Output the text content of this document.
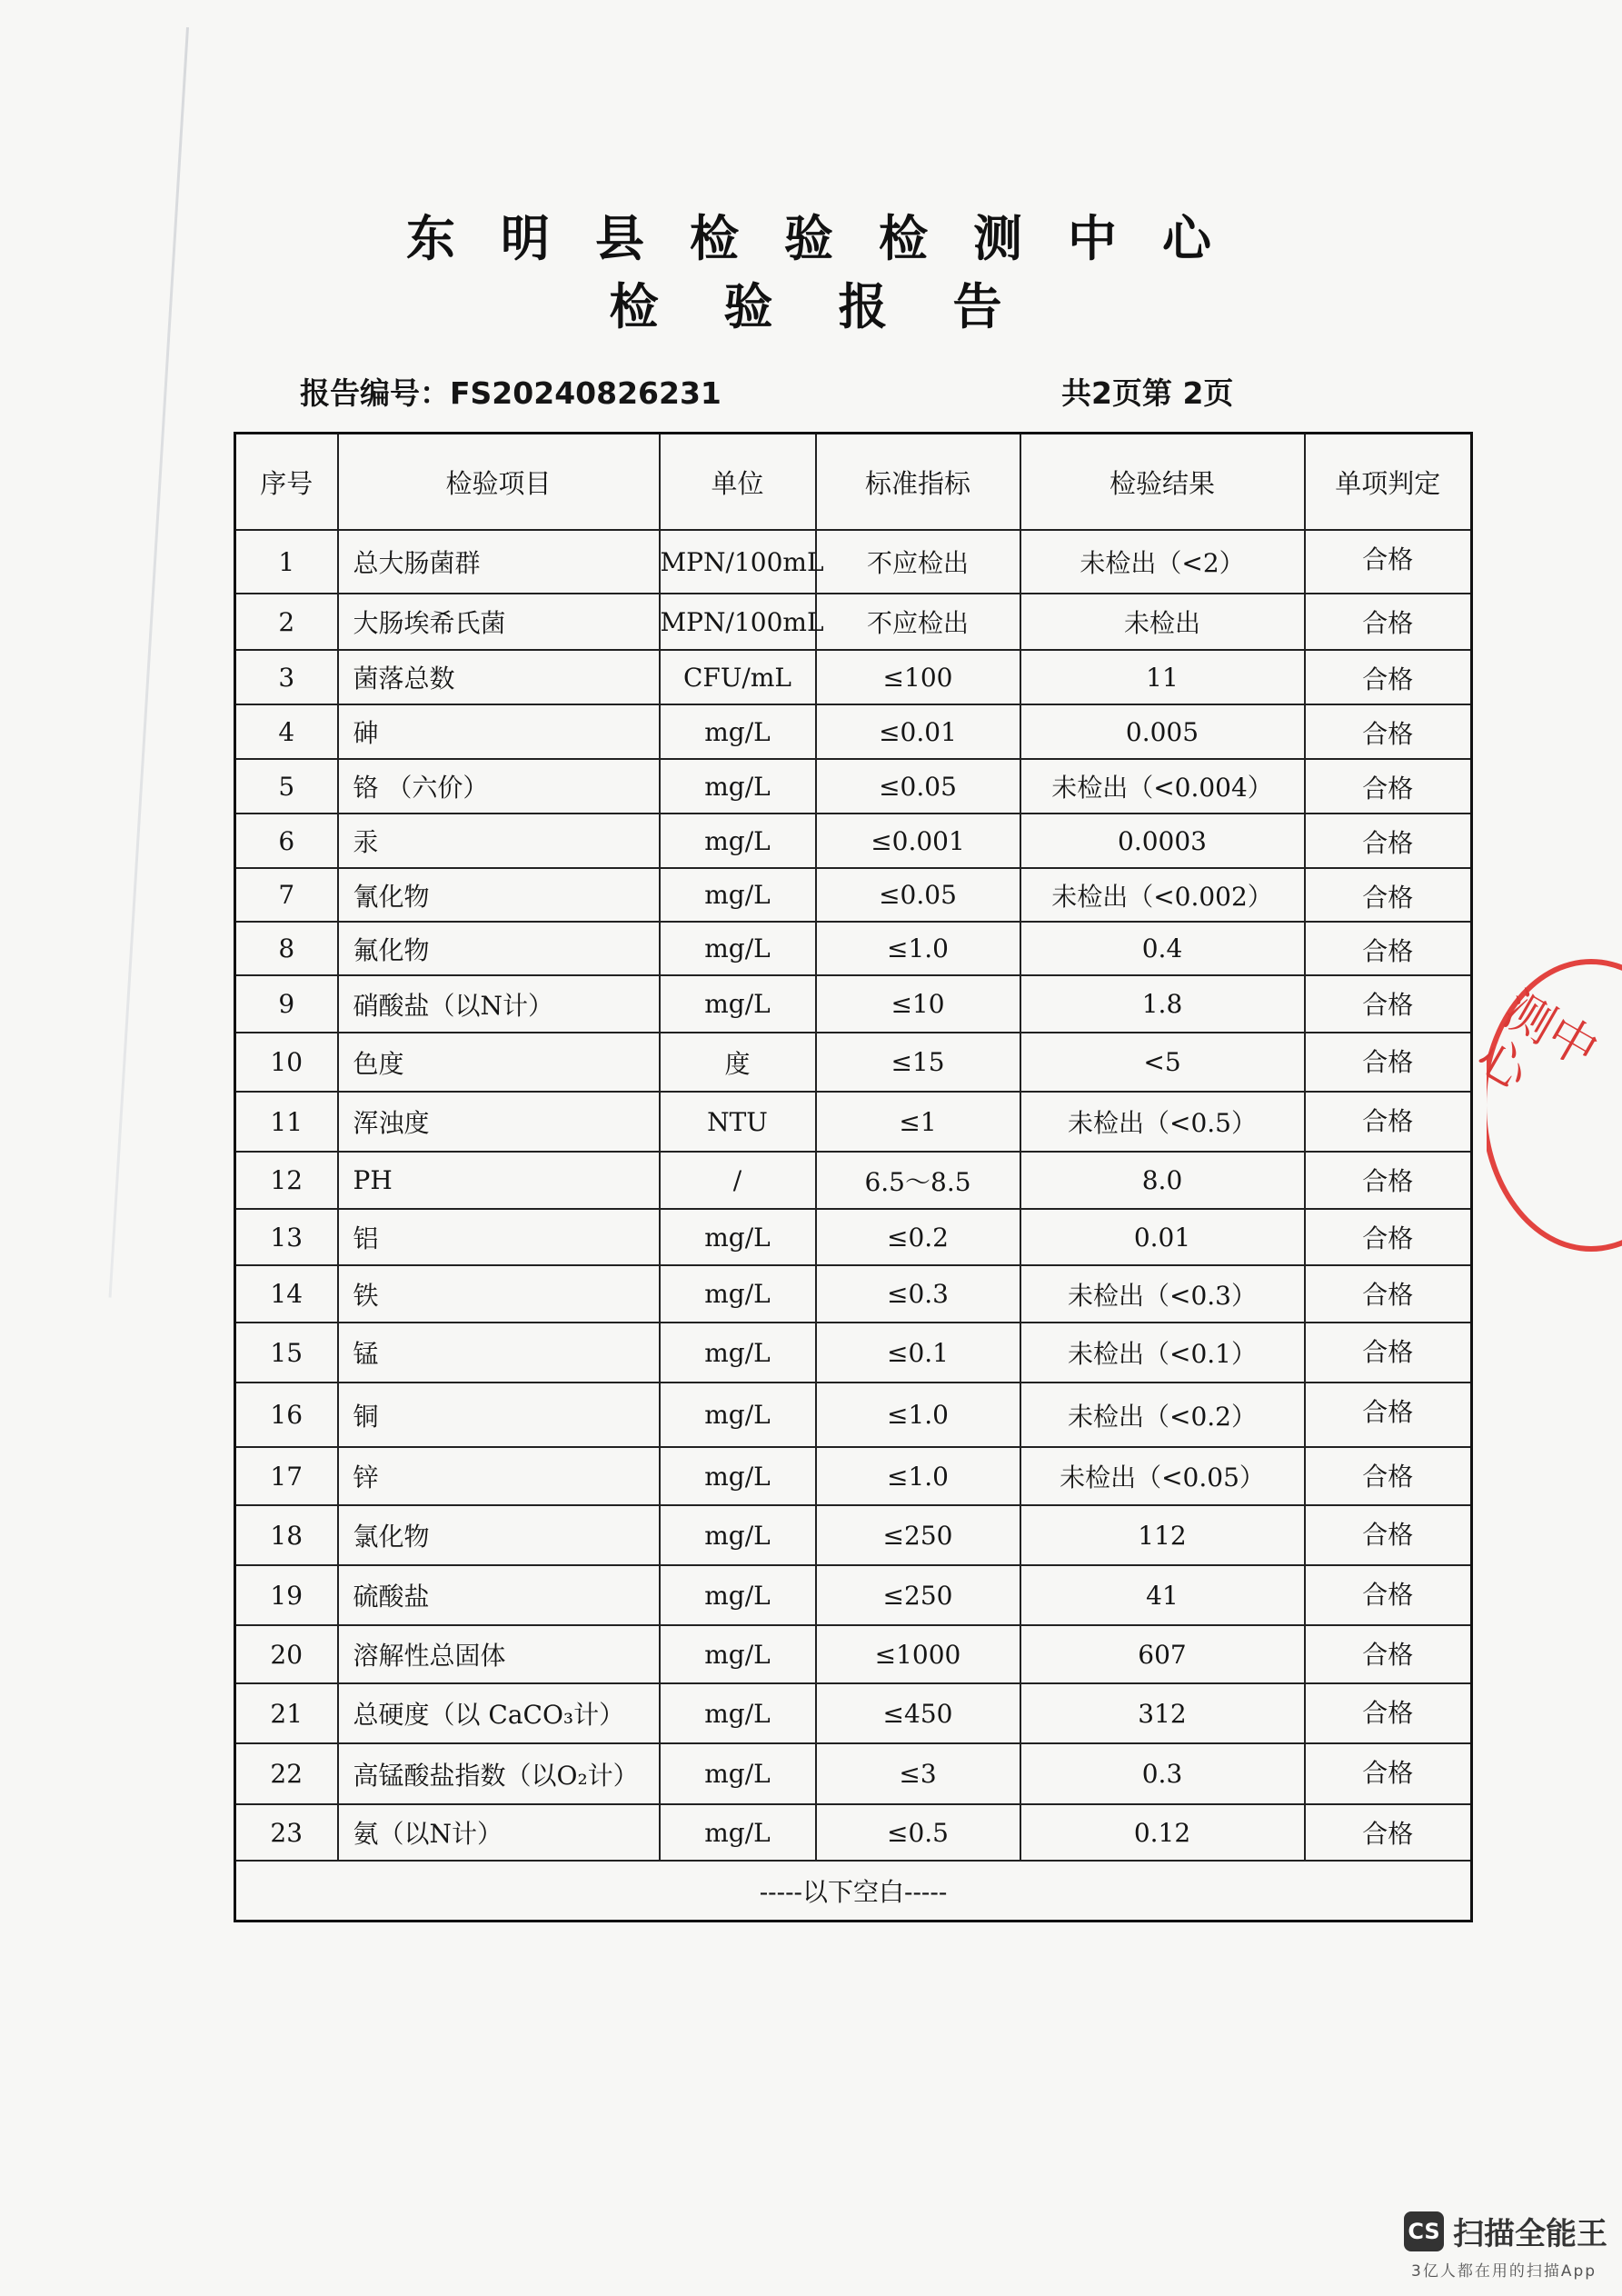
东明县检验检测中心
检验报告
报告编号：FS20240826231	共2页第 2页
序号	检验项目	单位	标准指标	检验结果	单项判定
1	总大肠菌群	MPN/100mL	不应检出	未检出（<2）	合格
2	大肠埃希氏菌	MPN/100mL	不应检出	未检出	合格
3	菌落总数	CFU/mL	≤100	11	合格
4	砷	mg/L	≤0.01	0.005	合格
5	铬 （六价）	mg/L	≤0.05	未检出（<0.004）	合格
6	汞	mg/L	≤0.001	0.0003	合格
7	氰化物	mg/L	≤0.05	未检出（<0.002）	合格
8	氟化物	mg/L	≤1.0	0.4	合格
9	硝酸盐（以N计）	mg/L	≤10	1.8	合格
10	色度	度	≤15	<5	合格
11	浑浊度	NTU	≤1	未检出（<0.5）	合格
12	PH	/	6.5～8.5	8.0	合格
13	铝	mg/L	≤0.2	0.01	合格
14	铁	mg/L	≤0.3	未检出（<0.3）	合格
15	锰	mg/L	≤0.1	未检出（<0.1）	合格
16	铜	mg/L	≤1.0	未检出（<0.2）	合格
17	锌	mg/L	≤1.0	未检出（<0.05）	合格
18	氯化物	mg/L	≤250	112	合格
19	硫酸盐	mg/L	≤250	41	合格
20	溶解性总固体	mg/L	≤1000	607	合格
21	总硬度（以 CaCO₃计）	mg/L	≤450	312	合格
22	高锰酸盐指数（以O₂计）	mg/L	≤3	0.3	合格
23	氨（以N计）	mg/L	≤0.5	0.12	合格
-----以下空白-----					
测中心
CS 扫描全能王
3亿人都在用的扫描App
